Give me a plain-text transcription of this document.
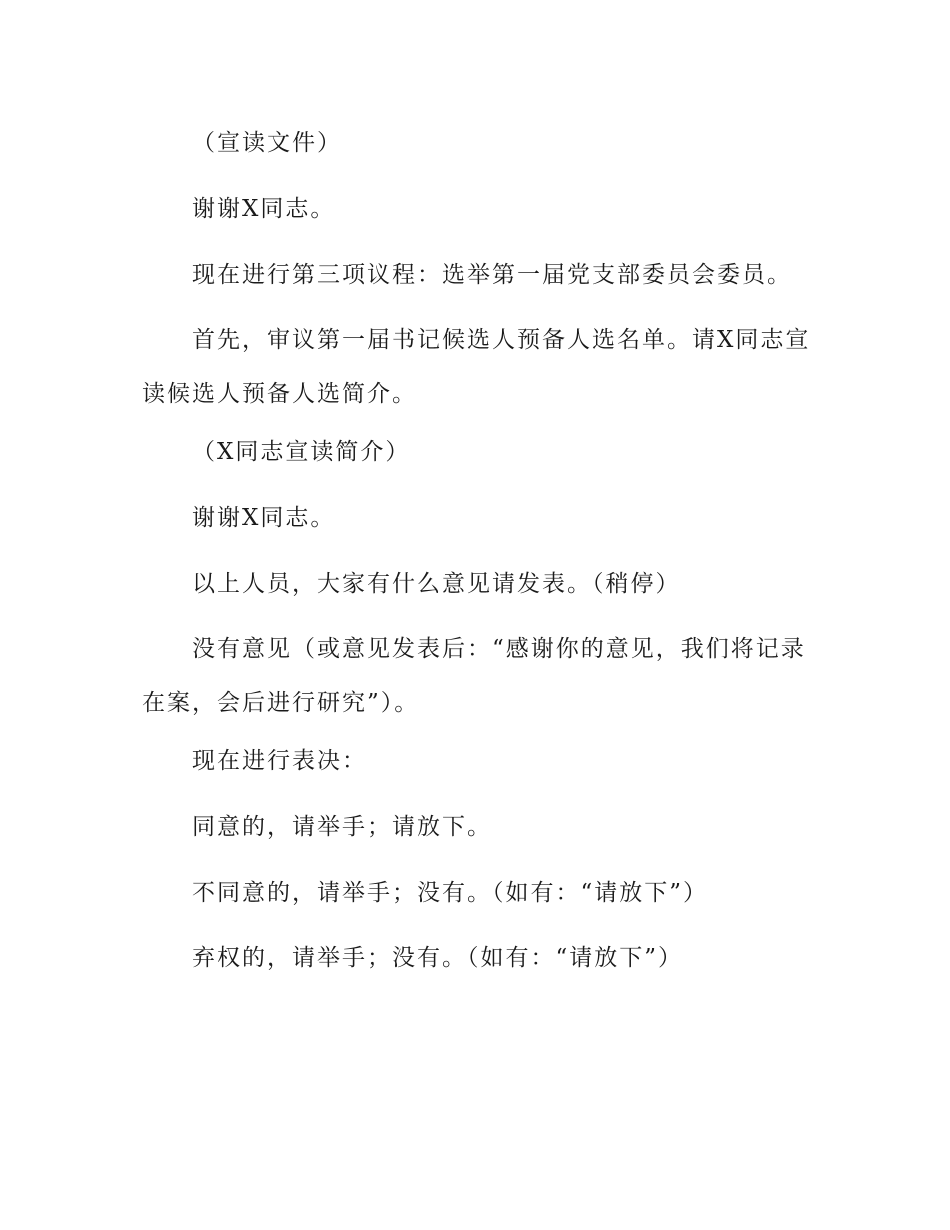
（宣读文件）

谢谢X同志。

现在进行第三项议程：选举第一届党支部委员会委员。

首先，审议第一届书记候选人预备人选名单。请X同志宣读候选人预备人选简介。

（X同志宣读简介）

谢谢X同志。

以上人员，大家有什么意见请发表。（稍停）

没有意见（或意见发表后：“感谢你的意见，我们将记录在案，会后进行研究”）。

现在进行表决：

同意的，请举手；请放下。

不同意的，请举手；没有。（如有：“请放下”）

弃权的，请举手；没有。（如有：“请放下”）
